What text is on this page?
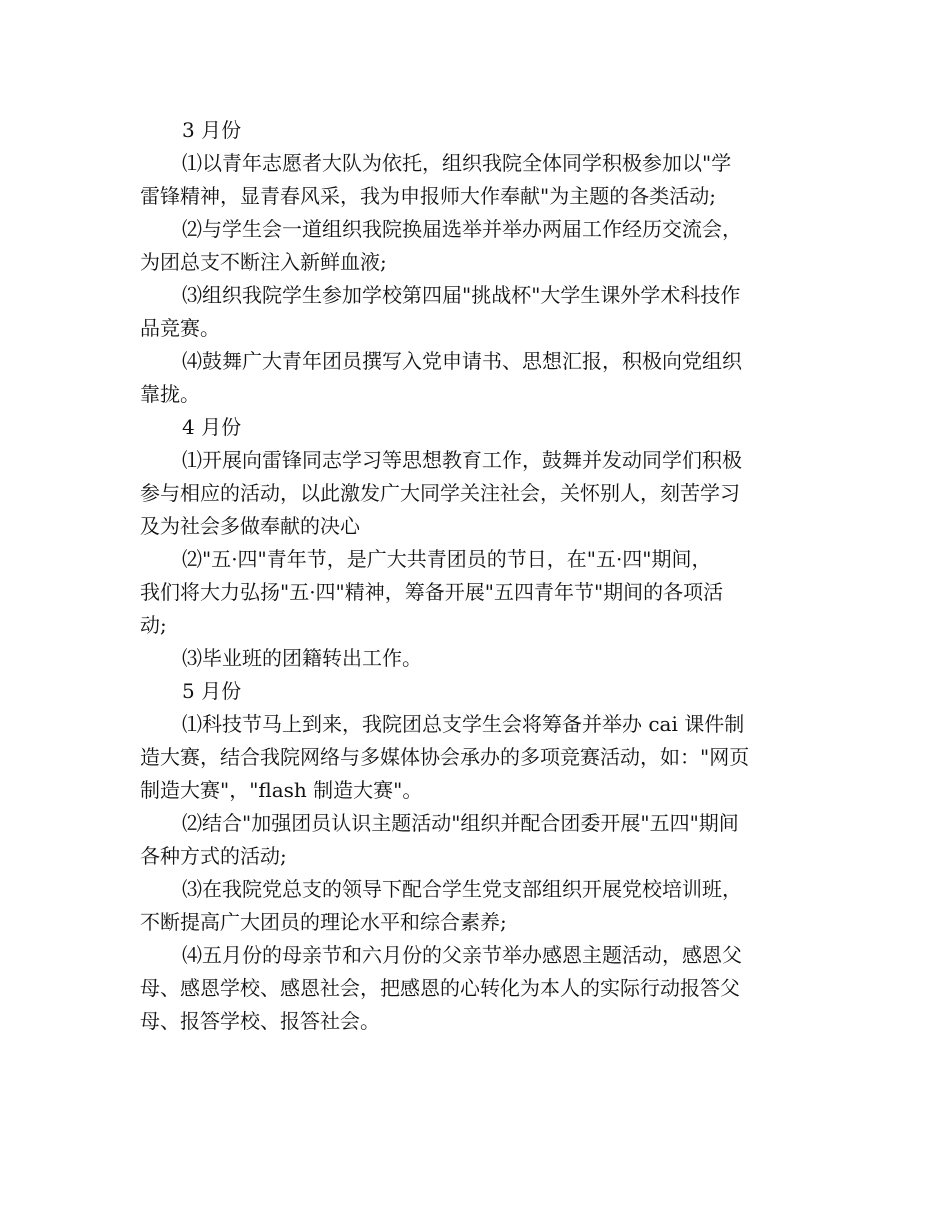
3 月份

⑴以青年志愿者大队为依托，组织我院全体同学积极参加以"学

雷锋精神，显青春风采，我为申报师大作奉献"为主题的各类活动;

⑵与学生会一道组织我院换届选举并举办两届工作经历交流会，

为团总支不断注入新鲜血液;

⑶组织我院学生参加学校第四届"挑战杯"大学生课外学术科技作

品竞赛。

⑷鼓舞广大青年团员撰写入党申请书、思想汇报，积极向党组织

靠拢。

4 月份

⑴开展向雷锋同志学习等思想教育工作，鼓舞并发动同学们积极

参与相应的活动，以此激发广大同学关注社会，关怀别人，刻苦学习

及为社会多做奉献的决心

⑵"五·四"青年节，是广大共青团员的节日，在"五·四"期间，

我们将大力弘扬"五·四"精神，筹备开展"五四青年节"期间的各项活

动;

⑶毕业班的团籍转出工作。

5 月份

⑴科技节马上到来，我院团总支学生会将筹备并举办 cai 课件制

造大赛，结合我院网络与多媒体协会承办的多项竞赛活动，如："网页

制造大赛"，"flash 制造大赛"。

⑵结合"加强团员认识主题活动"组织并配合团委开展"五四"期间

各种方式的活动;

⑶在我院党总支的领导下配合学生党支部组织开展党校培训班，

不断提高广大团员的理论水平和综合素养;

⑷五月份的母亲节和六月份的父亲节举办感恩主题活动，感恩父

母、感恩学校、感恩社会，把感恩的心转化为本人的实际行动报答父

母、报答学校、报答社会。
